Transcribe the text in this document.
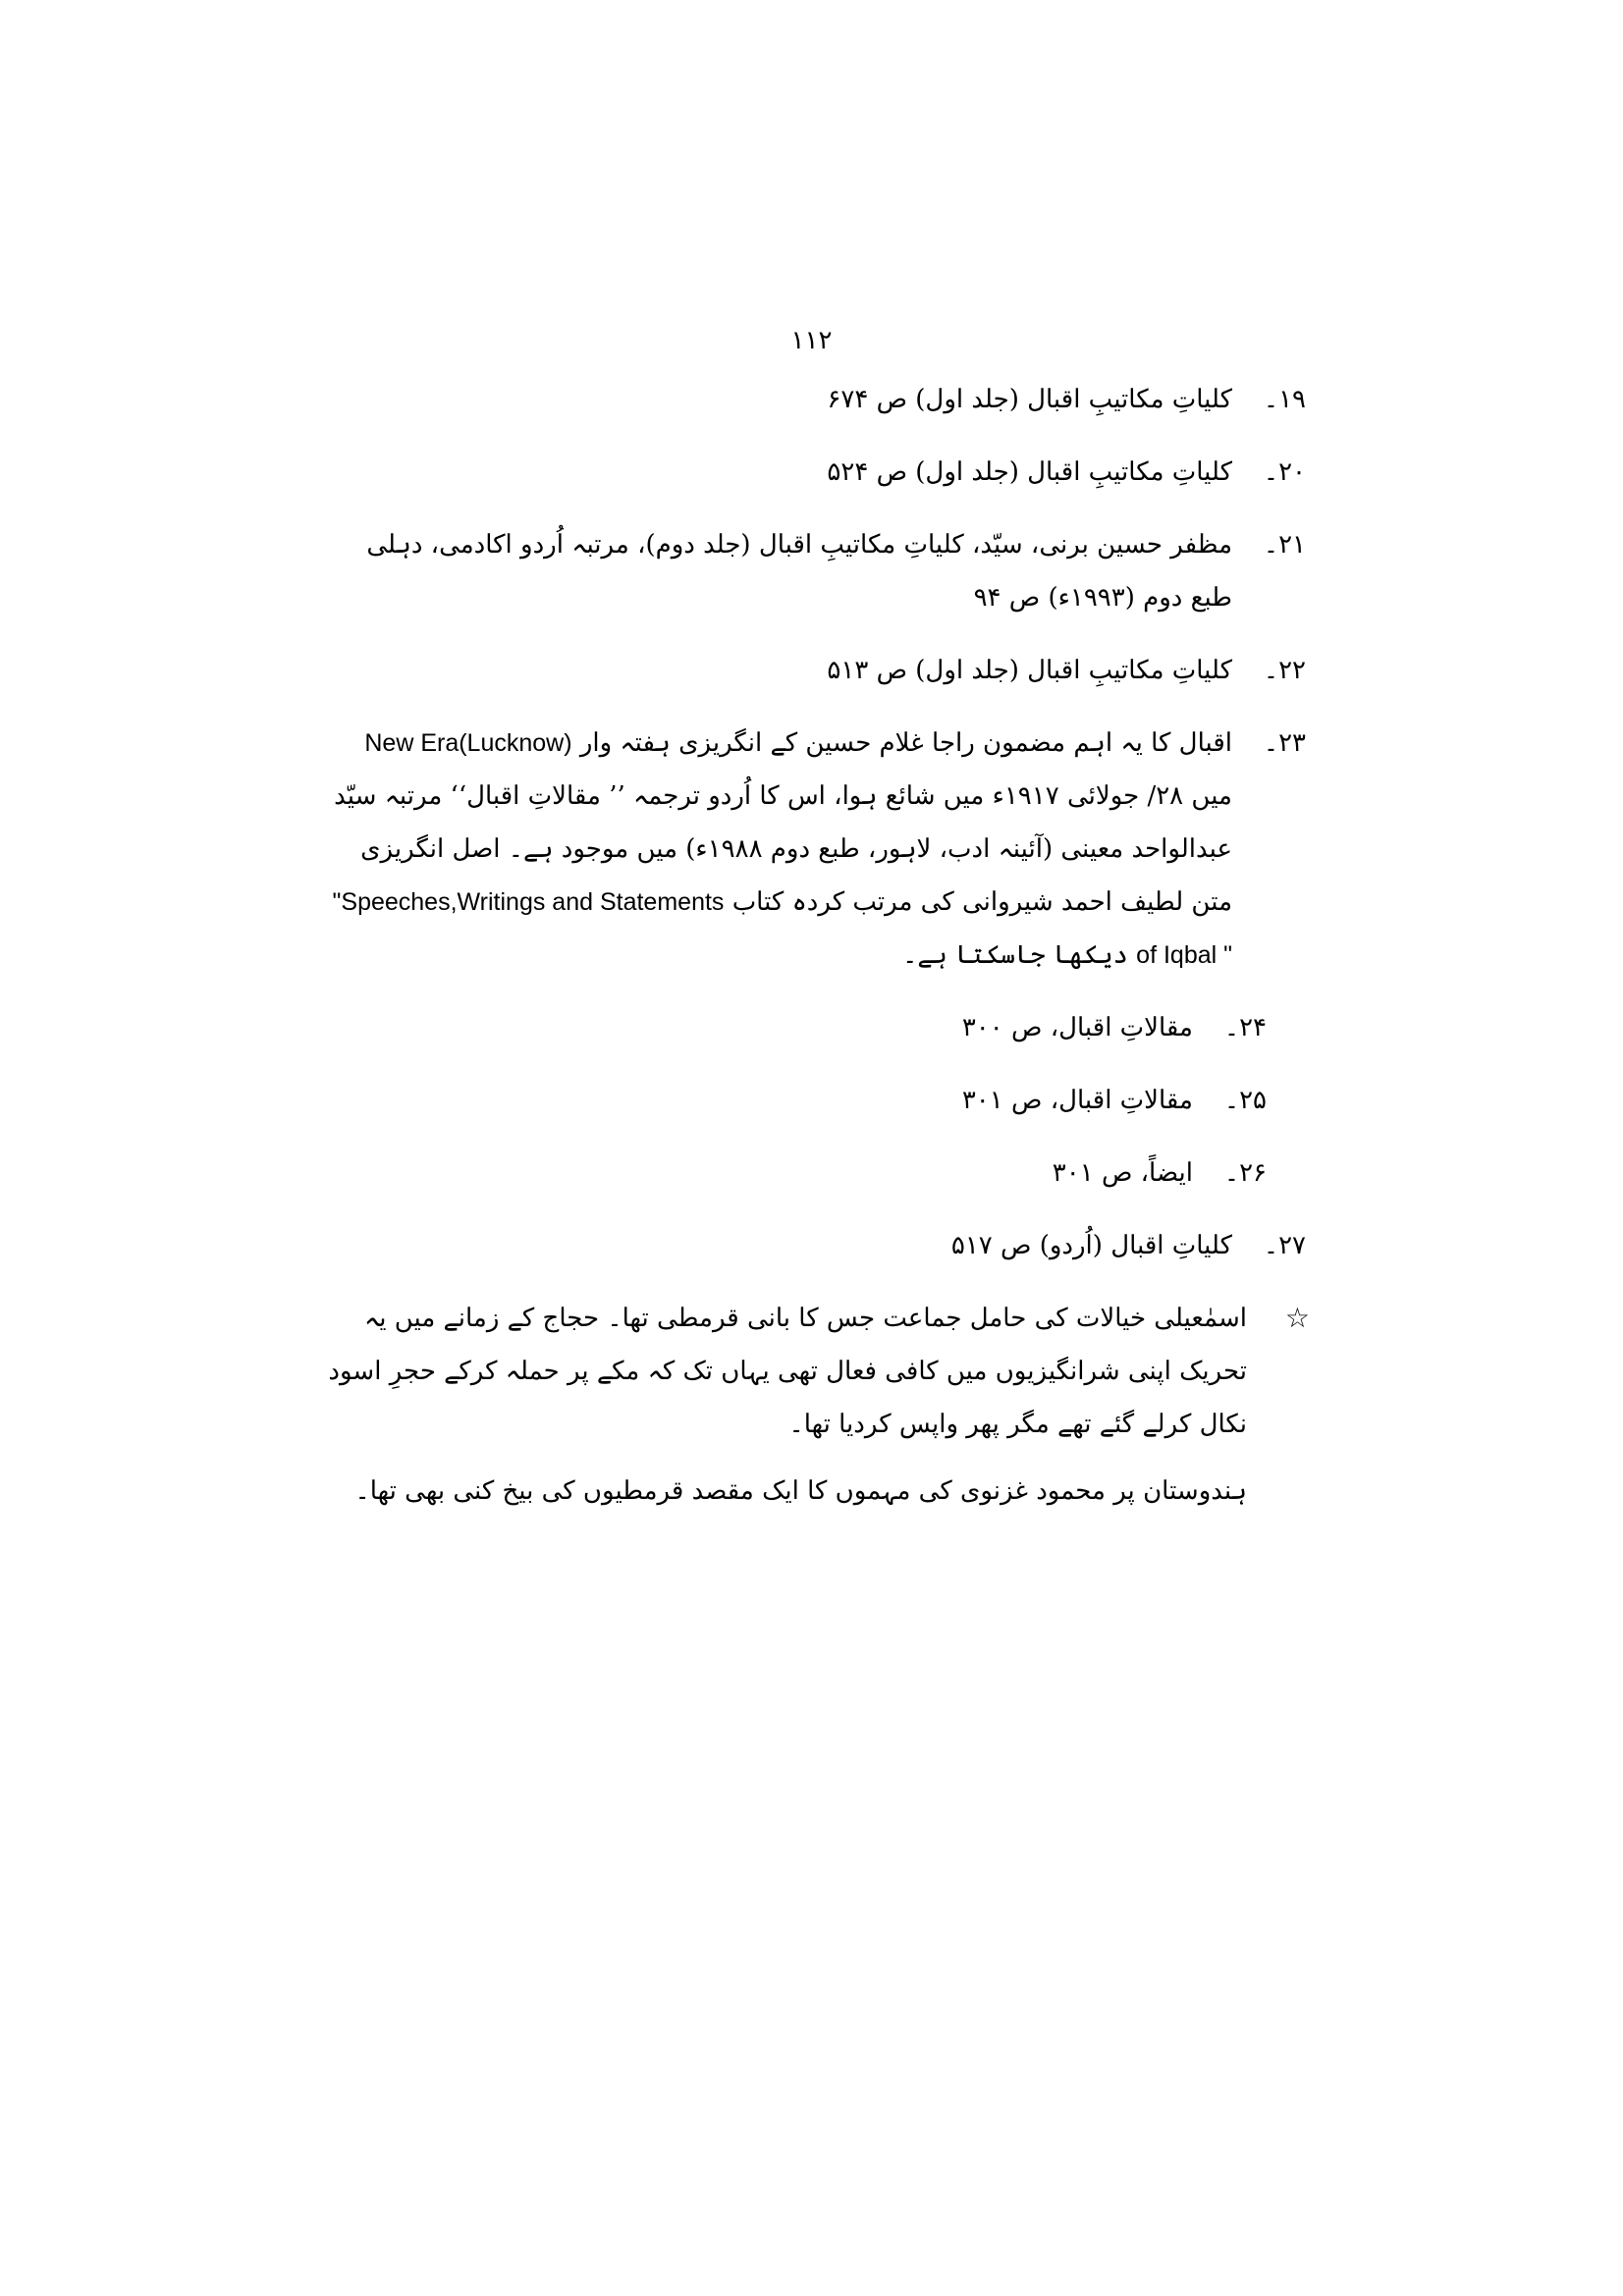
۱۱۲
۱۹۔
کلیاتِ مکاتیبِ اقبال (جلد اول) ص ۶۷۴
۲۰۔
کلیاتِ مکاتیبِ اقبال (جلد اول) ص ۵۲۴
۲۱۔
مظفر حسین برنی، سیّد، کلیاتِ مکاتیبِ اقبال (جلد دوم)، مرتبہ اُردو اکادمی، دہلی طبع دوم (۱۹۹۳ء) ص ۹۴
۲۲۔
کلیاتِ مکاتیبِ اقبال (جلد اول) ص ۵۱۳
۲۳۔
اقبال کا یہ اہم مضمون راجا غلام حسین کے انگریزی ہفتہ وار New Era(Lucknow) میں ۲۸/ جولائی ۱۹۱۷ء میں شائع ہوا، اس کا اُردو ترجمہ ’’ مقالاتِ اقبال‘‘ مرتبہ سیّد عبدالواحد معینی (آئینہ ادب، لاہور، طبع دوم ۱۹۸۸ء) میں موجود ہے۔ اصل انگریزی متن لطیف احمد شیروانی کی مرتب کردہ کتاب "Speeches,Writings and Statements of Iqbal " دیکھا جاسکتا ہے۔
۲۴۔
مقالاتِ اقبال، ص ۳۰۰
۲۵۔
مقالاتِ اقبال، ص ۳۰۱
۲۶۔
ایضاً، ص ۳۰۱
۲۷۔
کلیاتِ اقبال (اُردو) ص ۵۱۷
☆
اسمٰعیلی خیالات کی حامل جماعت جس کا بانی قرمطی تھا۔ حجاج کے زمانے میں یہ تحریک اپنی شرانگیزیوں میں کافی فعال تھی یہاں تک کہ مکے پر حملہ کرکے حجرِ اسود نکال کرلے گئے تھے مگر پھر واپس کردیا تھا۔
ہندوستان پر محمود غزنوی کی مہموں کا ایک مقصد قرمطیوں کی بیخ کنی بھی تھا۔
